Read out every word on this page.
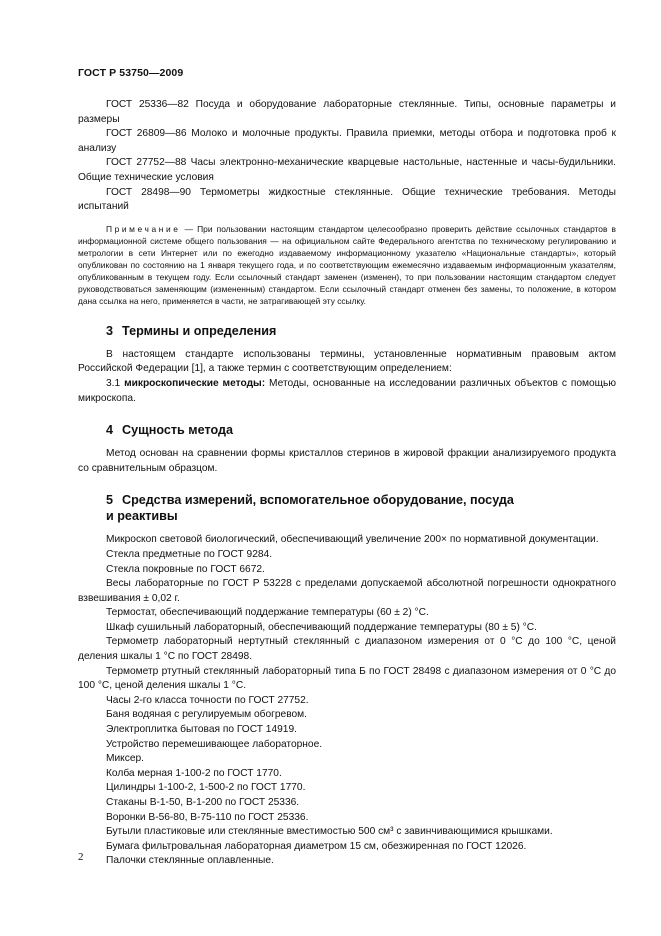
ГОСТ Р 53750—2009

ГОСТ 25336—82 Посуда и оборудование лабораторные стеклянные. Типы, основные параметры и размеры

ГОСТ 26809—86 Молоко и молочные продукты. Правила приемки, методы отбора и подготовка проб к анализу

ГОСТ 27752—88 Часы электронно-механические кварцевые настольные, настенные и часы-будильники. Общие технические условия

ГОСТ 28498—90 Термометры жидкостные стеклянные. Общие технические требования. Методы испытаний

Примечание — При пользовании настоящим стандартом целесообразно проверить действие ссылочных стандартов в информационной системе общего пользования — на официальном сайте Федерального агентства по техническому регулированию и метрологии в сети Интернет или по ежегодно издаваемому информационному указателю «Национальные стандарты», который опубликован по состоянию на 1 января текущего года, и по соответствующим ежемесячно издаваемым информационным указателям, опубликованным в текущем году. Если ссылочный стандарт заменен (изменен), то при пользовании настоящим стандартом следует руководствоваться заменяющим (измененным) стандартом. Если ссылочный стандарт отменен без замены, то положение, в котором дана ссылка на него, применяется в части, не затрагивающей эту ссылку.

3 Термины и определения

В настоящем стандарте использованы термины, установленные нормативным правовым актом Российской Федерации [1], а также термин с соответствующим определением:

3.1 микроскопические методы: Методы, основанные на исследовании различных объектов с помощью микроскопа.

4 Сущность метода

Метод основан на сравнении формы кристаллов стеринов в жировой фракции анализируемого продукта со сравнительным образцом.

5 Средства измерений, вспомогательное оборудование, посуда
и реактивы

Микроскоп световой биологический, обеспечивающий увеличение 200× по нормативной документации.

Стекла предметные по ГОСТ 9284.

Стекла покровные по ГОСТ 6672.

Весы лабораторные по ГОСТ Р 53228 с пределами допускаемой абсолютной погрешности однократного взвешивания ± 0,02 г.

Термостат, обеспечивающий поддержание температуры (60 ± 2) °С.

Шкаф сушильный лабораторный, обеспечивающий поддержание температуры (80 ± 5) °С.

Термометр лабораторный нертутный стеклянный с диапазоном измерения от 0 °С до 100 °С, ценой деления шкалы 1 °С по ГОСТ 28498.

Термометр ртутный стеклянный лабораторный типа Б по ГОСТ 28498 с диапазоном измерения от 0 °С до 100 °С, ценой деления шкалы 1 °С.

Часы 2-го класса точности по ГОСТ 27752.

Баня водяная с регулируемым обогревом.

Электроплитка бытовая по ГОСТ 14919.

Устройство перемешивающее лабораторное.

Миксер.

Колба мерная 1-100-2 по ГОСТ 1770.

Цилиндры 1-100-2, 1-500-2 по ГОСТ 1770.

Стаканы В-1-50, В-1-200 по ГОСТ 25336.

Воронки В-56-80, В-75-110 по ГОСТ 25336.

Бутыли пластиковые или стеклянные вместимостью 500 см³ с завинчивающимися крышками.

Бумага фильтровальная лабораторная диаметром 15 см, обезжиренная по ГОСТ 12026.

Палочки стеклянные оплавленные.

2
